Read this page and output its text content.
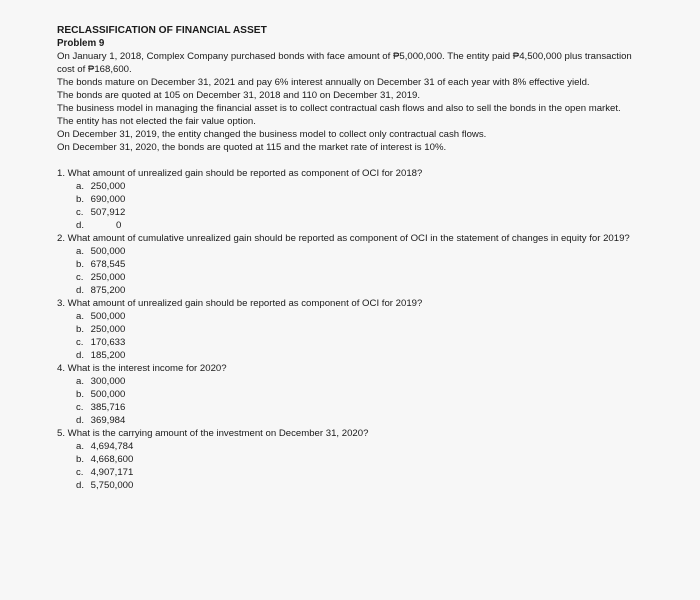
RECLASSIFICATION OF FINANCIAL ASSET
Problem 9

On January 1, 2018, Complex Company purchased bonds with face amount of ₱5,000,000. The entity paid ₱4,500,000 plus transaction cost of ₱168,600.

The bonds mature on December 31, 2021 and pay 6% interest annually on December 31 of each year with 8% effective yield.

The bonds are quoted at 105 on December 31, 2018 and 110 on December 31, 2019.

The business model in managing the financial asset is to collect contractual cash flows and also to sell the bonds in the open market.

The entity has not elected the fair value option.

On December 31, 2019, the entity changed the business model to collect only contractual cash flows.

On December 31, 2020, the bonds are quoted at 115 and the market rate of interest is 10%.

1. What amount of unrealized gain should be reported as component of OCI for 2018?

a.
250,000
b.
690,000
c.
507,912
d.	0

2. What amount of cumulative unrealized gain should be reported as component of OCI in the statement of changes in equity for 2019?

a.
500,000
b.
678,545
c.
250,000
d.
875,200

3. What amount of unrealized gain should be reported as component of OCI for 2019?

a.
500,000
b.
250,000
c.
170,633
d.
185,200

4. What is the interest income for 2020?

a.
300,000
b.
500,000
c.
385,716
d.
369,984

5. What is the carrying amount of the investment on December 31, 2020?

a.
4,694,784
b.
4,668,600
c.
4,907,171
d.
5,750,000
